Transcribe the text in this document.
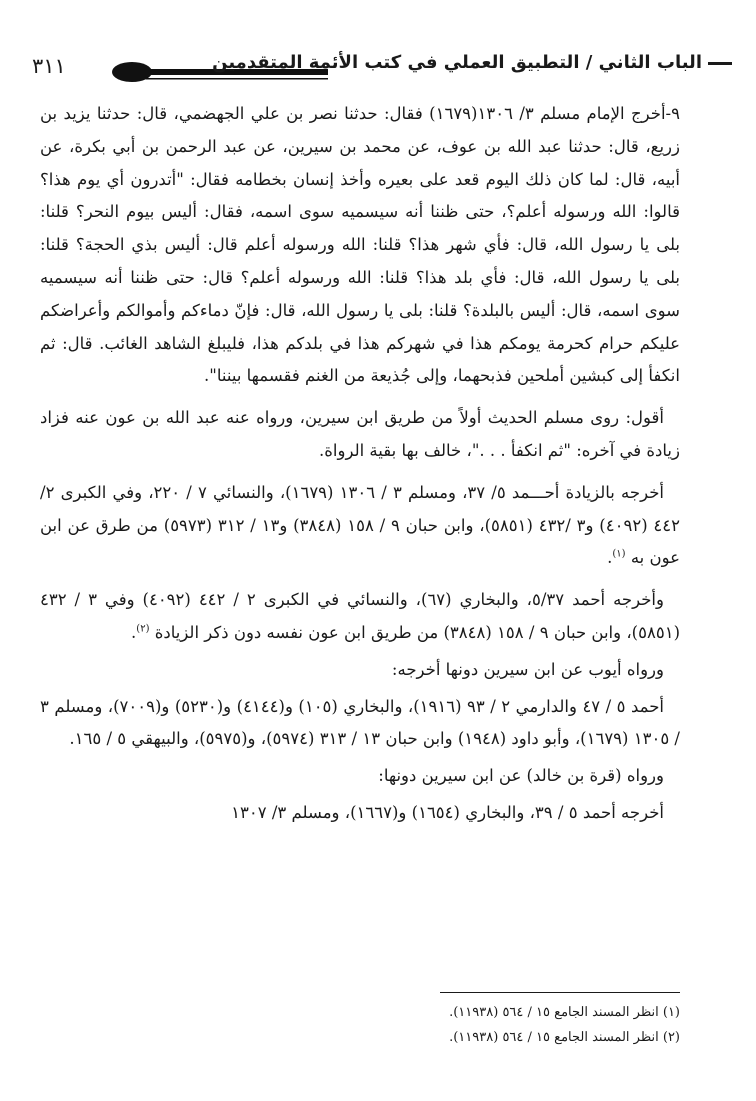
٣١١	الباب الثاني / التطبيق العملي في كتب الأئمة المتقدمين

٩-أخرج الإمام مسلم ٣/ ١٣٠٦(١٦٧٩) فقال: حدثنا نصر بن علي الجهضمي، قال: حدثنا يزيد بن زريع، قال: حدثنا عبد الله بن عوف، عن محمد بن سيرين، عن عبد الرحمن بن أبي بكرة، عن أبيه، قال: لما كان ذلك اليوم قعد على بعيره وأخذ إنسان بخطامه فقال: "أتدرون أي يوم هذا؟ قالوا: الله ورسوله أعلم؟، حتى ظننا أنه سيسميه سوى اسمه، فقال: أليس بيوم النحر؟ قلنا: بلى يا رسول الله، قال: فأي شهر هذا؟ قلنا: الله ورسوله أعلم قال: أليس بذي الحجة؟ قلنا: بلى يا رسول الله، قال: فأي بلد هذا؟ قلنا: الله ورسوله أعلم؟ قال: حتى ظننا أنه سيسميه سوى اسمه، قال: أليس بالبلدة؟ قلنا: بلى يا رسول الله، قال: فإنّ دماءكم وأموالكم وأعراضكم عليكم حرام كحرمة يومكم هذا في شهركم هذا في بلدكم هذا، فليبلغ الشاهد الغائب. قال: ثم انكفأ إلى كبشين أملحين فذبحهما، وإلى جُذيعة من الغنم فقسمها بيننا".

أقول: روى مسلم الحديث أولاً من طريق ابن سيرين، ورواه عنه عبد الله بن عون عنه فزاد زيادة في آخره: "ثم انكفأ . . ."، خالف بها بقية الرواة.

أخرجه بالزيادة أحـــمد ٥/ ٣٧، ومسلم ٣ / ١٣٠٦ (١٦٧٩)، والنسائي ٧ / ٢٢٠، وفي الكبرى ٢/ ٤٤٢ (٤٠٩٢) و٣ /٤٣٢ (٥٨٥١)، وابن حبان ٩ / ١٥٨ (٣٨٤٨) و١٣ / ٣١٢ (٥٩٧٣) من طرق عن ابن عون به $^{(١)}$.

وأخرجه أحمد ٥/٣٧، والبخاري (٦٧)، والنسائي في الكبرى ٢ / ٤٤٢ (٤٠٩٢) وفي ٣ / ٤٣٢ (٥٨٥١)، وابن حبان ٩ / ١٥٨ (٣٨٤٨) من طريق ابن عون نفسه دون ذكر الزيادة $^{(٢)}$.

ورواه أيوب عن ابن سيرين دونها أخرجه:

أحمد ٥ / ٤٧ والدارمي ٢ / ٩٣ (١٩١٦)، والبخاري (١٠٥) و(٤١٤٤) و(٥٢٣٠) و(٧٠٠٩)، ومسلم ٣ / ١٣٠٥ (١٦٧٩)، وأبو داود (١٩٤٨) وابن حبان ١٣ / ٣١٣ (٥٩٧٤)، و(٥٩٧٥)، والبيهقي ٥ / ١٦٥.

ورواه (قرة بن خالد) عن ابن سيرين دونها:

أخرجه أحمد ٥ / ٣٩، والبخاري (١٦٥٤) و(١٦٦٧)، ومسلم ٣/ ١٣٠٧

(١) انظر المسند الجامع ١٥ / ٥٦٤ (١١٩٣٨).

(٢) انظر المسند الجامع ١٥ / ٥٦٤ (١١٩٣٨).
